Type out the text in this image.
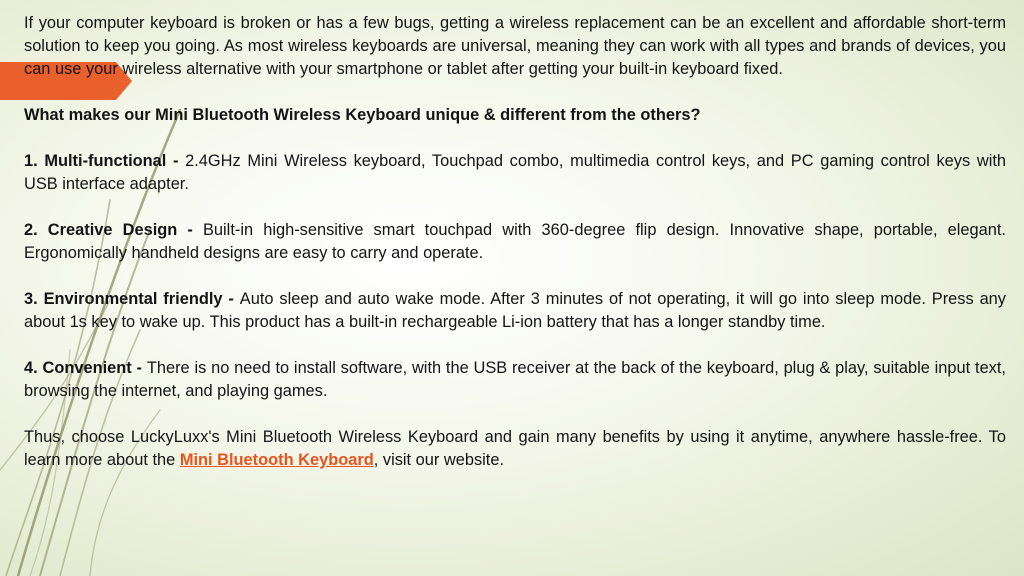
If your computer keyboard is broken or has a few bugs, getting a wireless replacement can be an excellent and affordable short-term solution to keep you going. As most wireless keyboards are universal, meaning they can work with all types and brands of devices, you can use your wireless alternative with your smartphone or tablet after getting your built-in keyboard fixed.

What makes our Mini Bluetooth Wireless Keyboard unique & different from the others?

1. Multi-functional - 2.4GHz Mini Wireless keyboard, Touchpad combo, multimedia control keys, and PC gaming control keys with USB interface adapter.

2. Creative Design - Built-in high-sensitive smart touchpad with 360-degree flip design. Innovative shape, portable, elegant. Ergonomically handheld designs are easy to carry and operate.

3. Environmental friendly - Auto sleep and auto wake mode. After 3 minutes of not operating, it will go into sleep mode. Press any about 1s key to wake up. This product has a built-in rechargeable Li-ion battery that has a longer standby time.

4. Convenient - There is no need to install software, with the USB receiver at the back of the keyboard, plug & play, suitable input text, browsing the internet, and playing games.

Thus, choose LuckyLuxx's Mini Bluetooth Wireless Keyboard and gain many benefits by using it anytime, anywhere hassle-free. To learn more about the Mini Bluetooth Keyboard, visit our website.
